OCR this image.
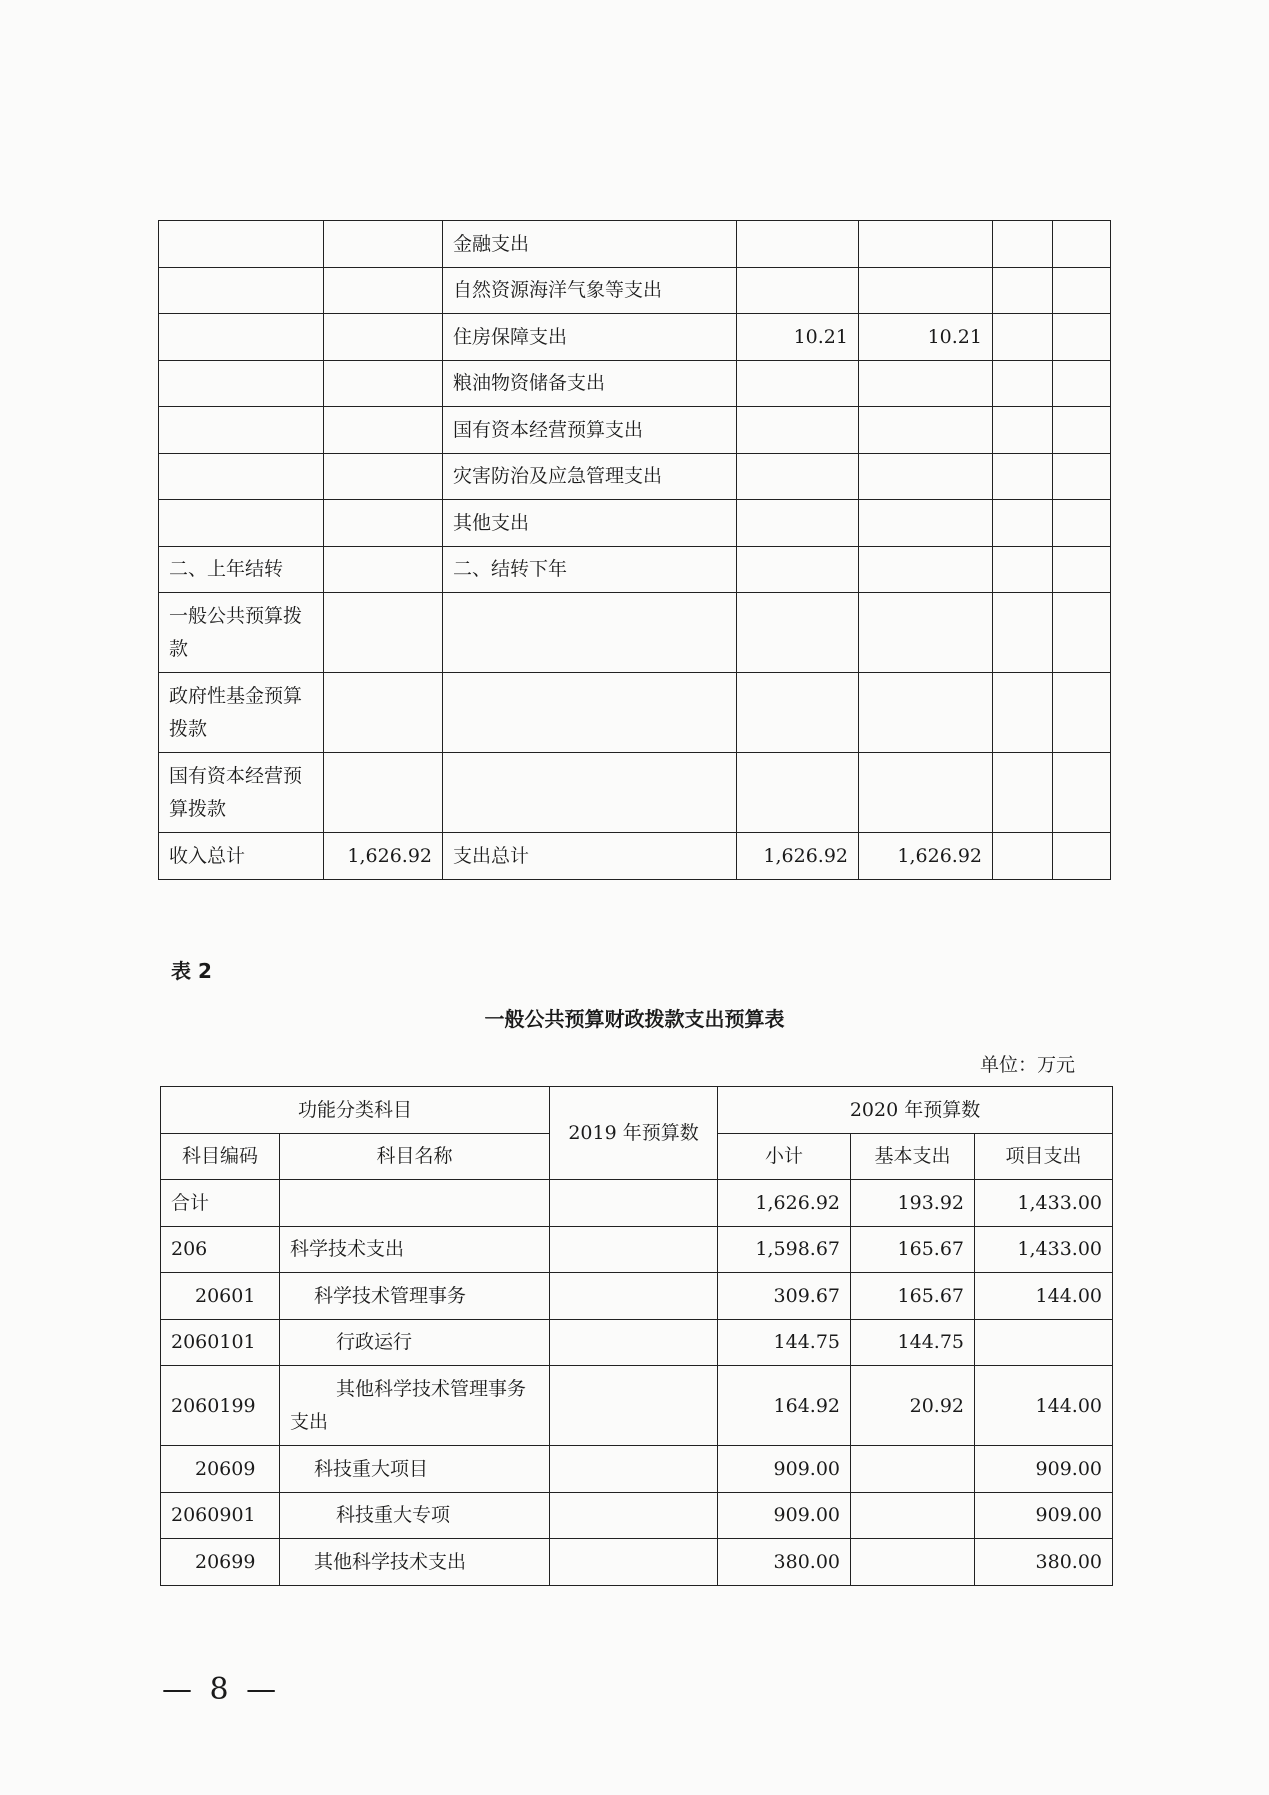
		金融支出				
		自然资源海洋气象等支出				
		住房保障支出	10.21	10.21		
		粮油物资储备支出				
		国有资本经营预算支出				
		灾害防治及应急管理支出				
		其他支出				
二、上年结转		二、结转下年				
一般公共预算拨款						
政府性基金预算拨款						
国有资本经营预算拨款						
收入总计	1,626.92	支出总计	1,626.92	1,626.92		
表 2
一般公共预算财政拨款支出预算表
单位：万元
功能分类科目		2019 年预算数	2020 年预算数		
科目编码	科目名称		小计	基本支出	项目支出
合计			1,626.92	193.92	1,433.00
206	科学技术支出		1,598.67	165.67	1,433.00
20601	科学技术管理事务		309.67	165.67	144.00
2060101	行政运行		144.75	144.75	
2060199	其他科学技术管理事务支出		164.92	20.92	144.00
20609	科技重大项目		909.00		909.00
2060901	科技重大专项		909.00		909.00
20699	其他科学技术支出		380.00		380.00
— 8 —
